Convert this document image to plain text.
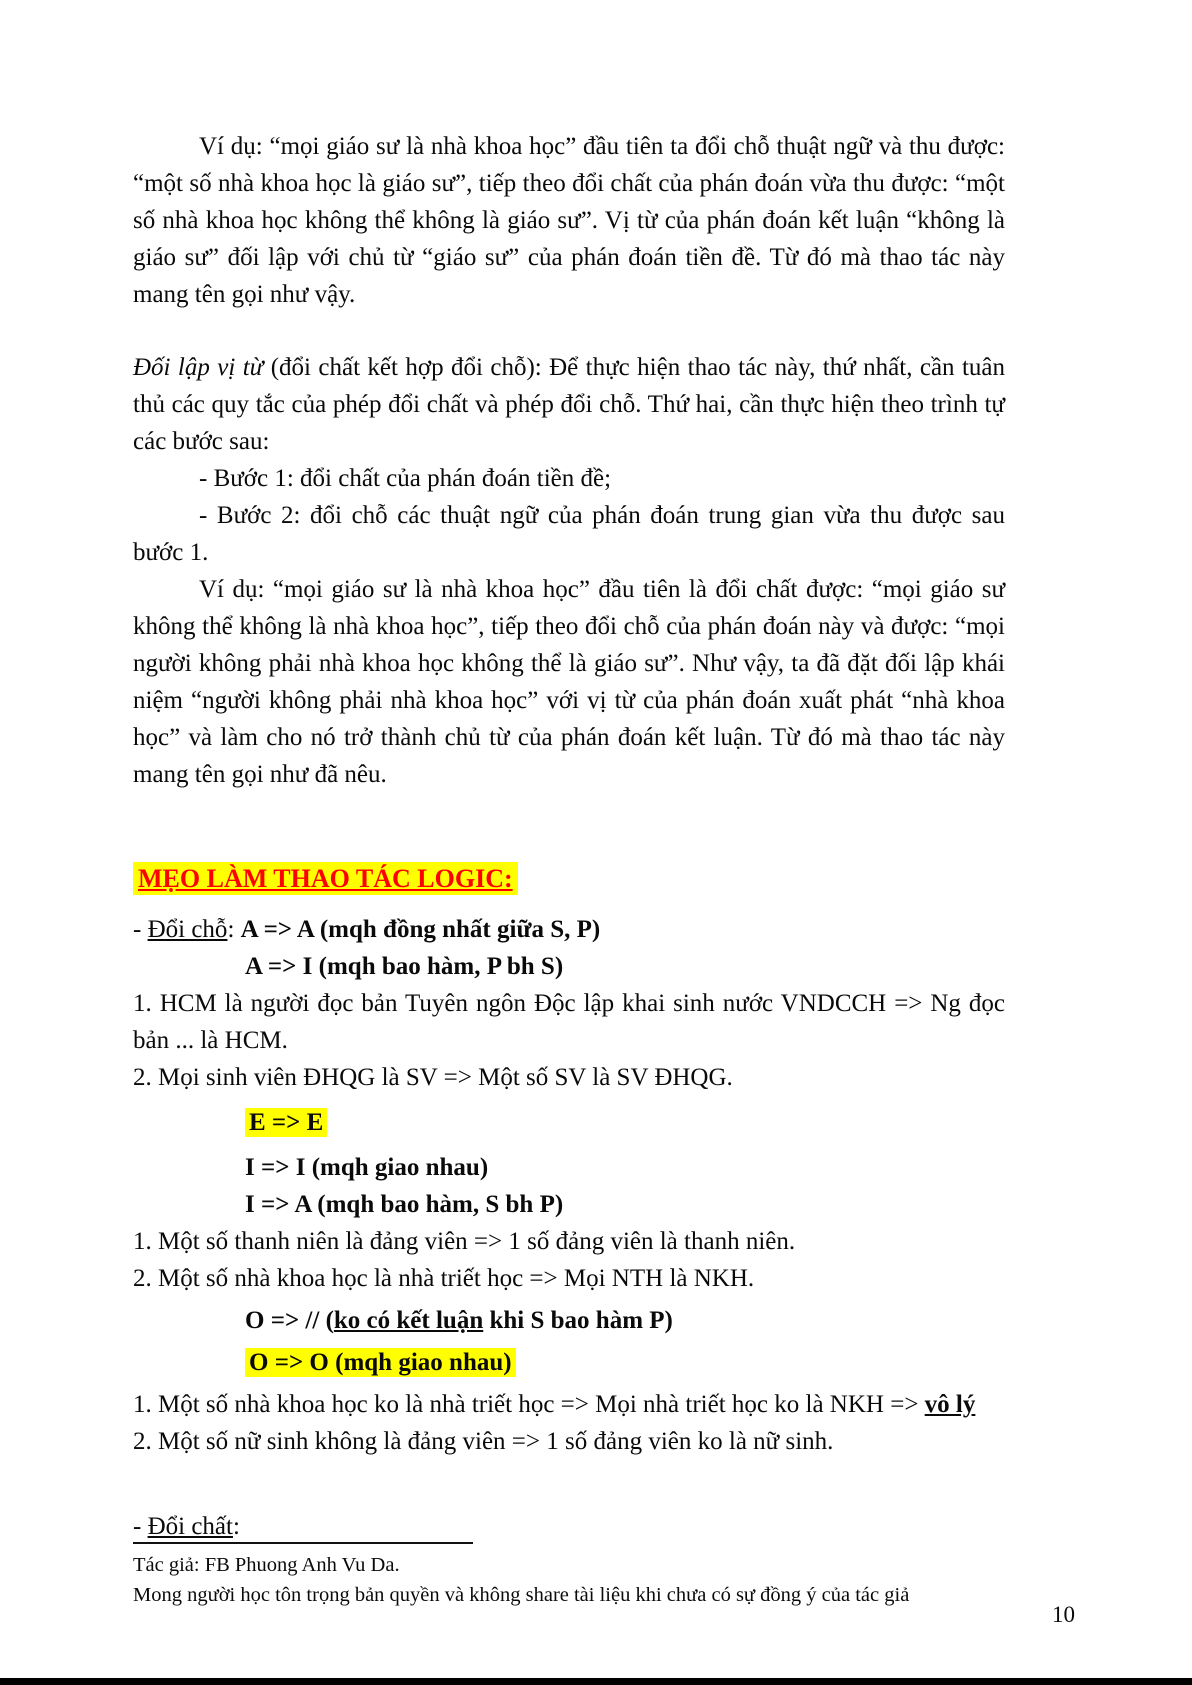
Ví dụ: “mọi giáo sư là nhà khoa học” đầu tiên ta đổi chỗ thuật ngữ và thu được: “một số nhà khoa học là giáo sư”, tiếp theo đổi chất của phán đoán vừa thu được: “một số nhà khoa học không thể không là giáo sư”. Vị từ của phán đoán kết luận “không là giáo sư” đối lập với chủ từ “giáo sư” của phán đoán tiền đề. Từ đó mà thao tác này mang tên gọi như vậy.

Đối lập vị từ (đổi chất kết hợp đổi chỗ): Để thực hiện thao tác này, thứ nhất, cần tuân thủ các quy tắc của phép đổi chất và phép đổi chỗ. Thứ hai, cần thực hiện theo trình tự các bước sau:

- Bước 1: đổi chất của phán đoán tiền đề;

- Bước 2: đổi chỗ các thuật ngữ của phán đoán trung gian vừa thu được sau bước 1.

Ví dụ: “mọi giáo sư là nhà khoa học” đầu tiên là đổi chất được: “mọi giáo sư không thể không là nhà khoa học”, tiếp theo đổi chỗ của phán đoán này và được: “mọi người không phải nhà khoa học không thể là giáo sư”. Như vậy, ta đã đặt đối lập khái niệm “người không phải nhà khoa học” với vị từ của phán đoán xuất phát “nhà khoa học” và làm cho nó trở thành chủ từ của phán đoán kết luận. Từ đó mà thao tác này mang tên gọi như đã nêu.

MẸO LÀM THAO TÁC LOGIC:

- Đổi chỗ: A => A (mqh đồng nhất giữa S, P)

A => I (mqh bao hàm, P bh S)

1. HCM là người đọc bản Tuyên ngôn Độc lập khai sinh nước VNDCCH => Ng đọc bản ... là HCM.

2. Mọi sinh viên ĐHQG là SV => Một số SV là SV ĐHQG.

E => E

I => I (mqh giao nhau)

I => A (mqh bao hàm, S bh P)

1. Một số thanh niên là đảng viên => 1 số đảng viên là thanh niên.

2. Một số nhà khoa học là nhà triết học => Mọi NTH là NKH.

O => // (ko có kết luận khi S bao hàm P)

O => O (mqh giao nhau)

1. Một số nhà khoa học ko là nhà triết học => Mọi nhà triết học ko là NKH => vô lý

2. Một số nữ sinh không là đảng viên => 1 số đảng viên ko là nữ sinh.

- Đổi chất:

Tác giả: FB Phuong Anh Vu Da.
Mong người học tôn trọng bản quyền và không share tài liệu khi chưa có sự đồng ý của tác giả
10
